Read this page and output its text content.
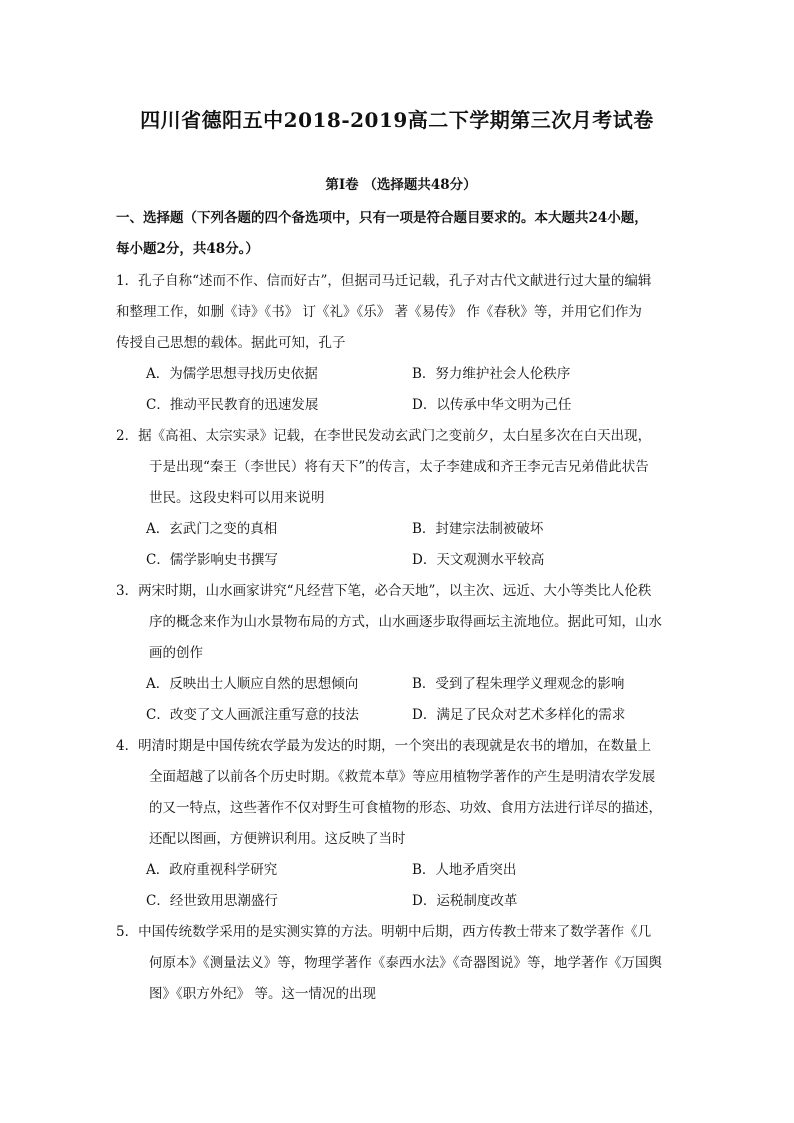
四川省德阳五中2018-2019高二下学期第三次月考试卷
第Ⅰ卷 （选择题共48分）
一、选择题（下列各题的四个备选项中，只有一项是符合题目要求的。本大题共24小题，
每小题2分，共48分。）
1．孔子自称“述而不作、信而好古”，但据司马迁记载，孔子对古代文献进行过大量的编辑
和整理工作，如删《诗》《书》 订《礼》《乐》 著《易传》 作《春秋》等，并用它们作为
传授自己思想的载体。据此可知，孔子
A．为儒学思想寻找历史依据	B．努力维护社会人伦秩序
C．推动平民教育的迅速发展	D．以传承中华文明为己任
2．据《高祖、太宗实录》记载，在李世民发动玄武门之变前夕，太白星多次在白天出现，
于是出现“秦王（李世民）将有天下”的传言，太子李建成和齐王李元吉兄弟借此状告
世民。这段史料可以用来说明
A．玄武门之变的真相	B．封建宗法制被破坏
C．儒学影响史书撰写	D．天文观测水平较高
3．两宋时期，山水画家讲究“凡经营下笔，必合天地”，以主次、远近、大小等类比人伦秩
序的概念来作为山水景物布局的方式，山水画逐步取得画坛主流地位。据此可知，山水
画的创作
A．反映出士人顺应自然的思想倾向	B．受到了程朱理学义理观念的影响
C．改变了文人画派注重写意的技法	D．满足了民众对艺术多样化的需求
4．明清时期是中国传统农学最为发达的时期，一个突出的表现就是农书的增加，在数量上
全面超越了以前各个历史时期。《救荒本草》等应用植物学著作的产生是明清农学发展
的又一特点，这些著作不仅对野生可食植物的形态、功效、食用方法进行详尽的描述，
还配以图画，方便辨识利用。这反映了当时
A．政府重视科学研究	B．人地矛盾突出
C．经世致用思潮盛行	D．运税制度改革
5．中国传统数学采用的是实测实算的方法。明朝中后期，西方传教士带来了数学著作《几
何原本》《测量法义》等，物理学著作《泰西水法》《奇器图说》等，地学著作《万国舆
图》《职方外纪》 等。这一情况的出现
